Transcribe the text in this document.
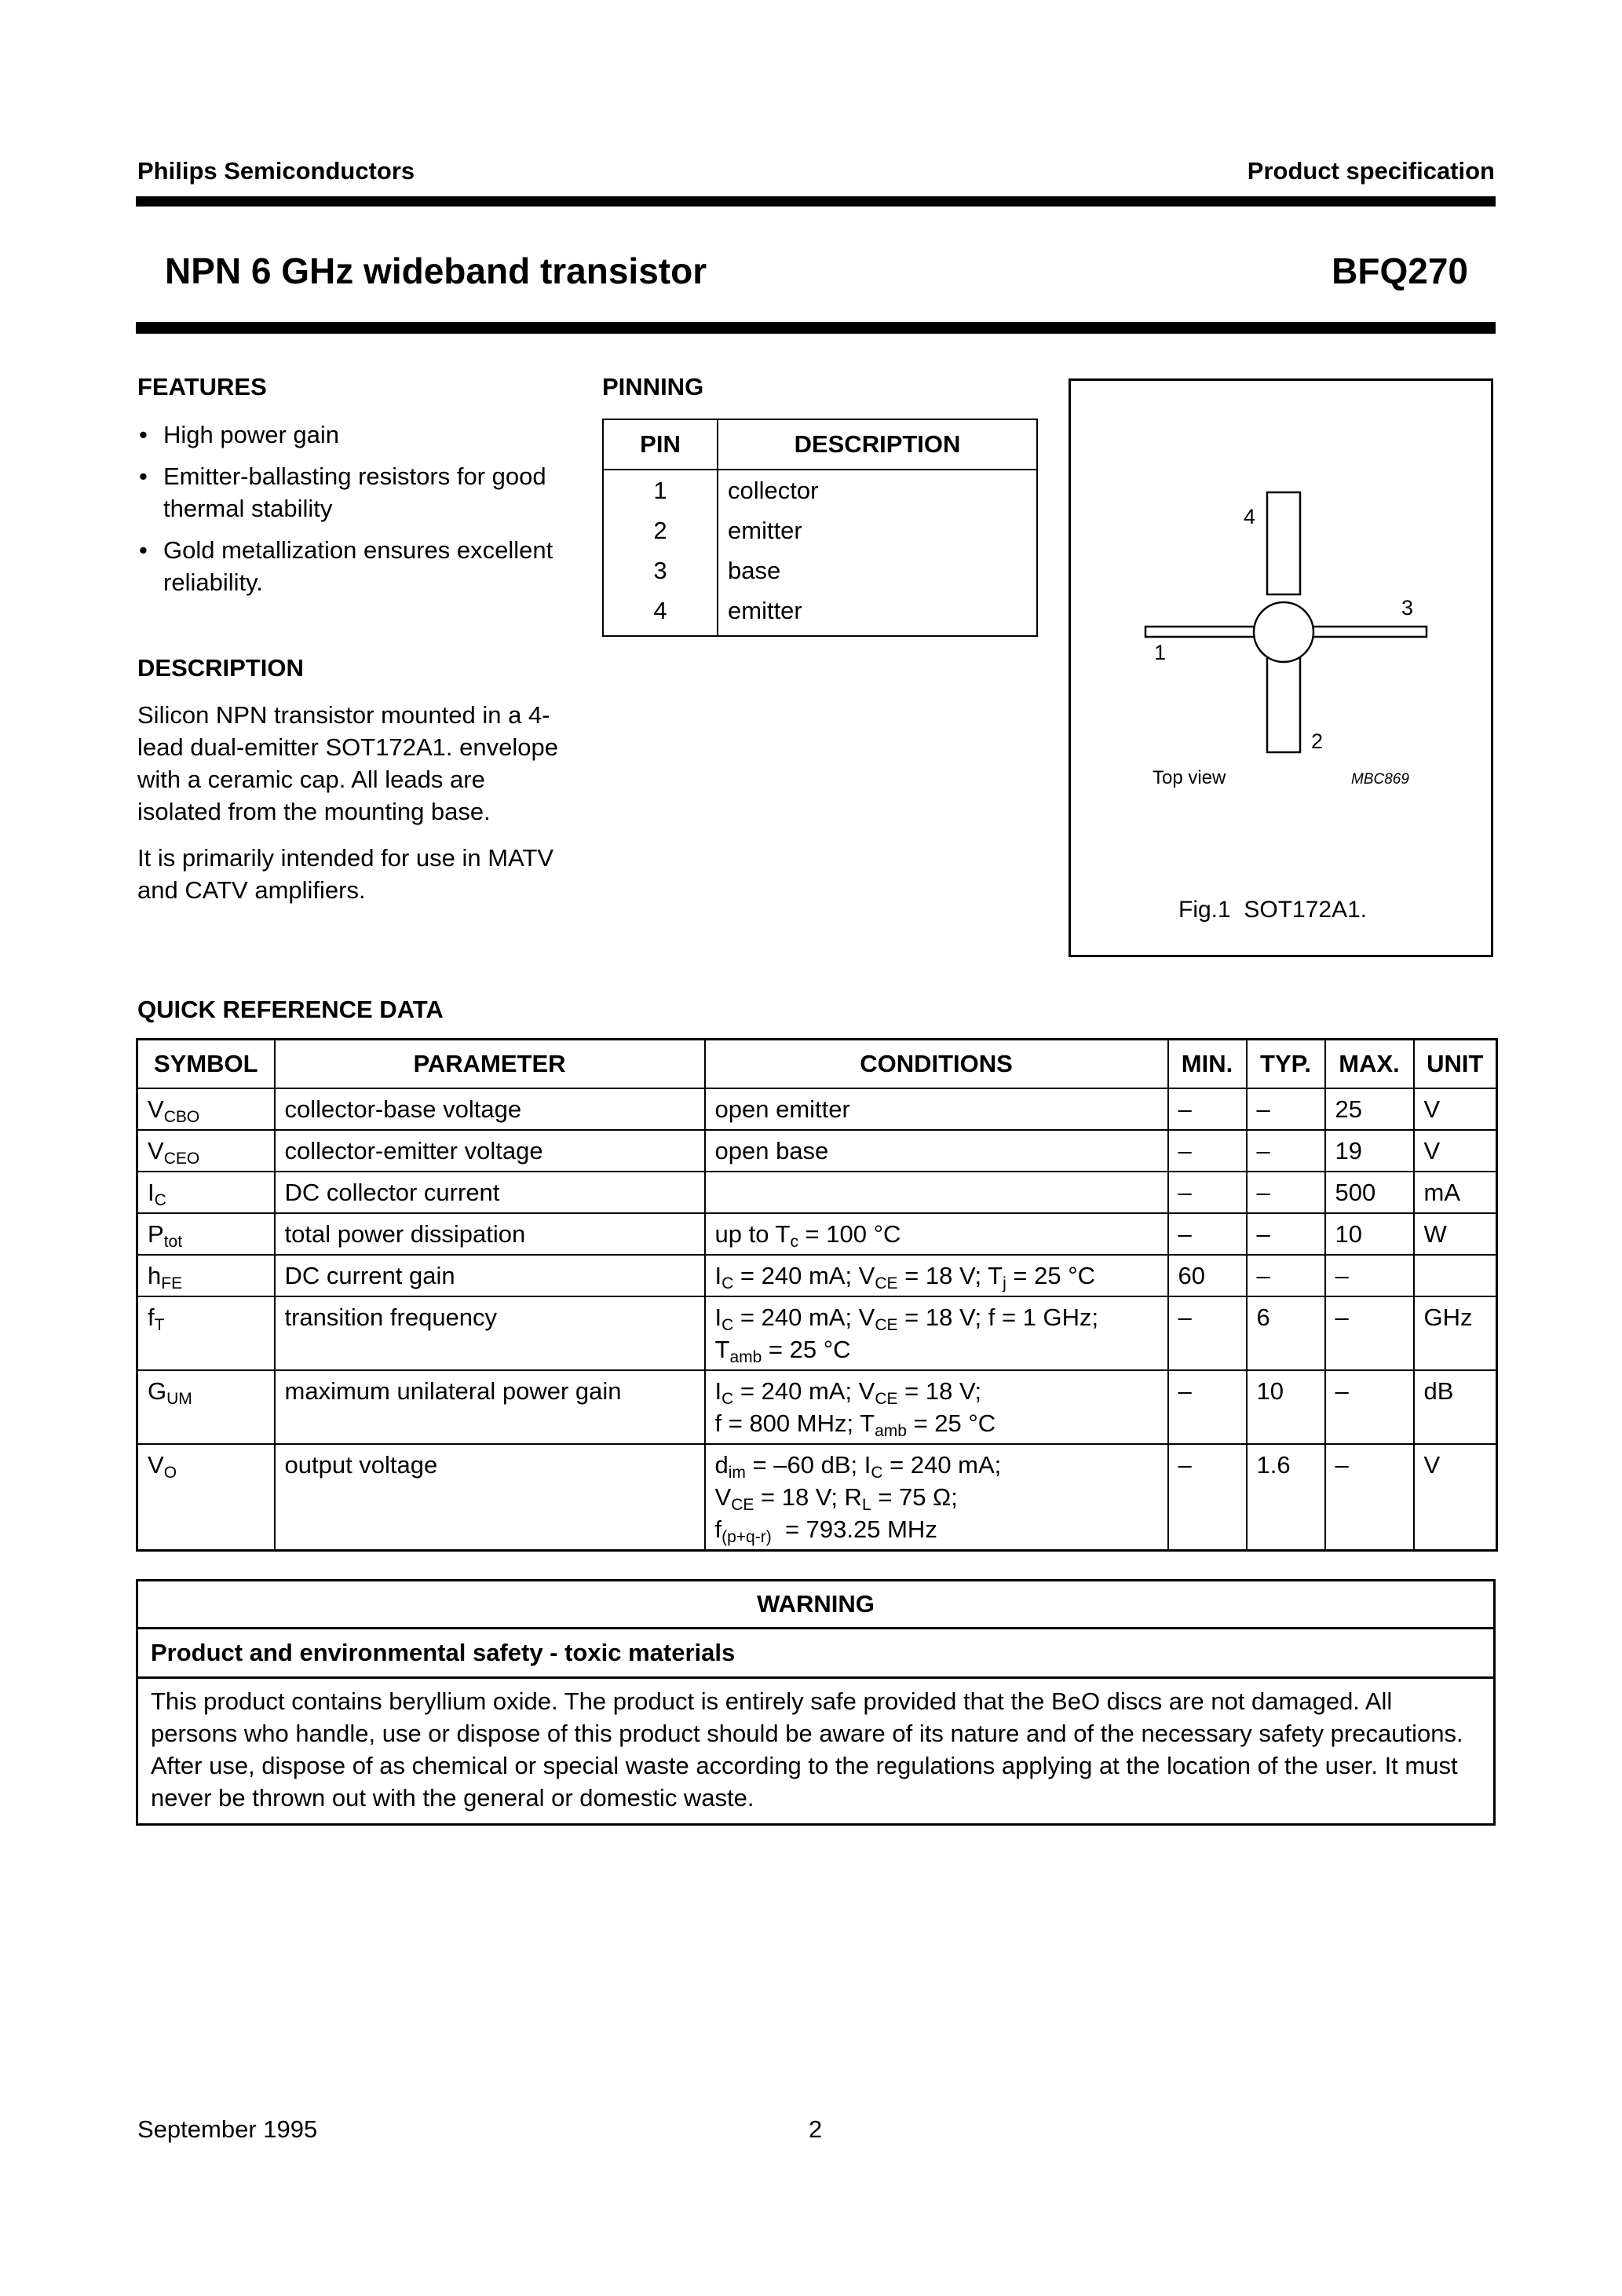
Philips Semiconductors	Product specification
NPN 6 GHz wideband transistor	BFQ270
FEATURES
• High power gain
• Emitter-ballasting resistors for good thermal stability
• Gold metallization ensures excellent reliability.
DESCRIPTION

Silicon NPN transistor mounted in a 4-lead dual-emitter SOT172A1. envelope with a ceramic cap. All leads are isolated from the mounting base.

It is primarily intended for use in MATV and CATV amplifiers.

PINNING
PIN	DESCRIPTION
1	collector
2	emitter
3	base
4	emitter
4
3
1
2
Top view	MBC869
Fig.1  SOT172A1.
QUICK REFERENCE DATA
SYMBOL	PARAMETER	CONDITIONS	MIN.	TYP.	MAX.	UNIT
$V_{CBO}$	collector-base voltage	open emitter	–	–	25	V
$V_{CEO}$	collector-emitter voltage	open base	–	–	19	V
$I_C$	DC collector current		–	–	500	mA
$P_{tot}$	total power dissipation	up to $T_c = 100$ °C	–	–	10	W
$h_{FE}$	DC current gain	$I_C = 240$ mA; $V_{CE} = 18$ V; $T_j = 25$ °C	60	–	–	
$f_T$	transition frequency	$I_C = 240$ mA; $V_{CE} = 18$ V; f = 1 GHz;
$T_{amb} = 25$ °C	–	6	–	GHz
$G_{UM}$	maximum unilateral power gain	$I_C = 240$ mA; $V_{CE} = 18$ V;
f = 800 MHz; $T_{amb} = 25$ °C	–	10	–	dB
$V_O$	output voltage	$d_{im} = -60$ dB; $I_C = 240$ mA;
$V_{CE} = 18$ V; $R_L = 75$ Ω;
$f_{(p+q-r)} = 793.25$ MHz	–	1.6	–	V
WARNING
Product and environmental safety - toxic materials
This product contains beryllium oxide. The product is entirely safe provided that the BeO discs are not damaged. All persons who handle, use or dispose of this product should be aware of its nature and of the necessary safety precautions. After use, dispose of as chemical or special waste according to the regulations applying at the location of the user. It must never be thrown out with the general or domestic waste.
September 1995	2
